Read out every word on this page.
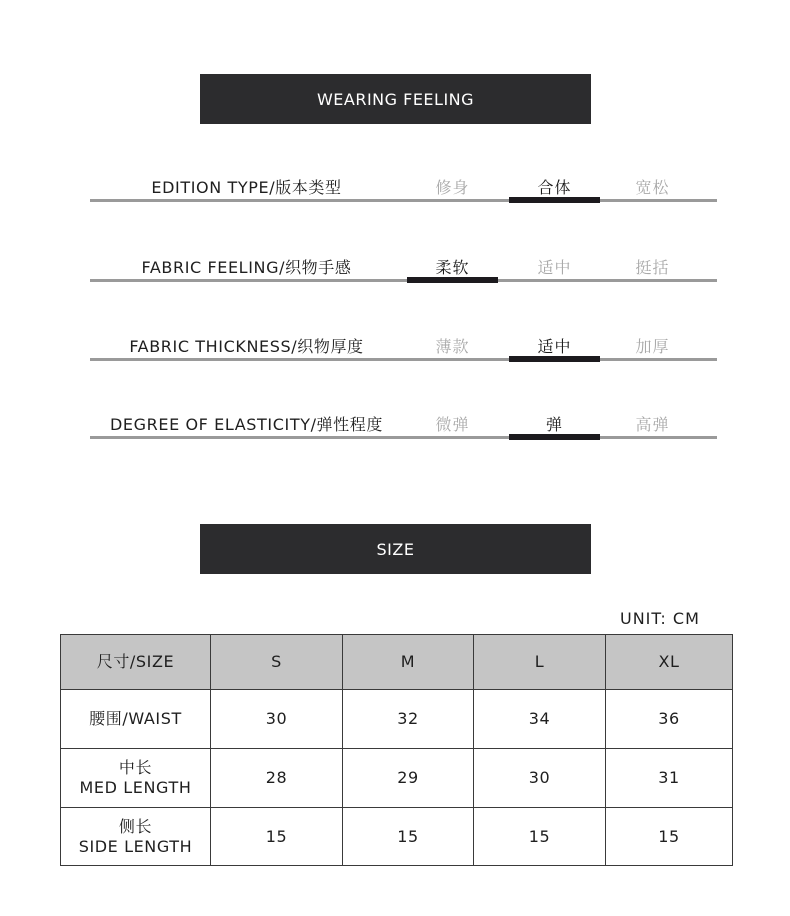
WEARING FEELING
EDITION TYPE/版本类型	修身	合体	宽松
FABRIC FEELING/织物手感	柔软	适中	挺括
FABRIC THICKNESS/织物厚度	薄款	适中	加厚
DEGREE OF ELASTICITY/弹性程度	微弹	弹	高弹
SIZE
UNIT: CM
尺寸/SIZE	S	M	L	XL
腰围/WAIST	30	32	34	36

中长
MED LENGTH	28	29	30	31

侧长
SIDE LENGTH	15	15	15	15
